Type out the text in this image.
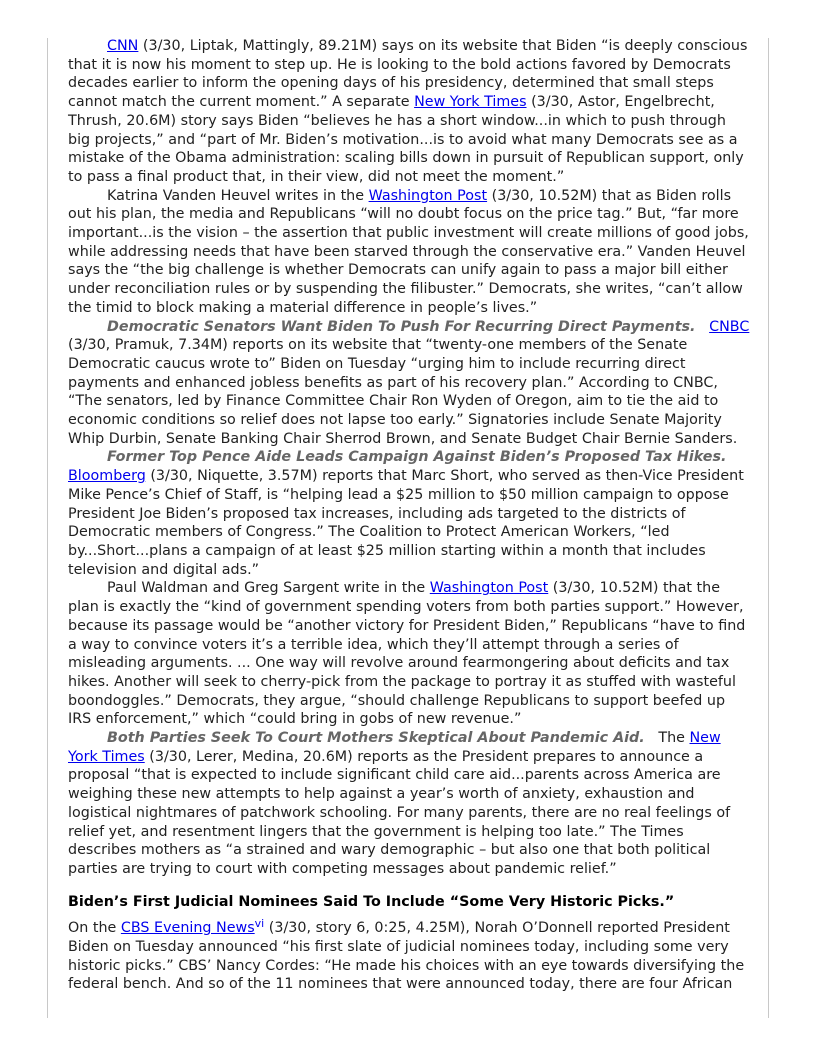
CNN (3/30, Liptak, Mattingly, 89.21M) says on its website that Biden “is deeply conscious that it is now his moment to step up. He is looking to the bold actions favored by Democrats decades earlier to inform the opening days of his presidency, determined that small steps cannot match the current moment.” A separate New York Times (3/30, Astor, Engelbrecht, Thrush, 20.6M) story says Biden “believes he has a short window...in which to push through big projects,” and “part of Mr. Biden’s motivation...is to avoid what many Democrats see as a mistake of the Obama administration: scaling bills down in pursuit of Republican support, only to pass a final product that, in their view, did not meet the moment.”

Katrina Vanden Heuvel writes in the Washington Post (3/30, 10.52M) that as Biden rolls out his plan, the media and Republicans “will no doubt focus on the price tag.” But, “far more important...is the vision – the assertion that public investment will create millions of good jobs, while addressing needs that have been starved through the conservative era.” Vanden Heuvel says the “the big challenge is whether Democrats can unify again to pass a major bill either under reconciliation rules or by suspending the filibuster.” Democrats, she writes, “can’t allow the timid to block making a material difference in people’s lives.”

Democratic Senators Want Biden To Push For Recurring Direct Payments. CNBC (3/30, Pramuk, 7.34M) reports on its website that “twenty-one members of the Senate Democratic caucus wrote to” Biden on Tuesday “urging him to include recurring direct payments and enhanced jobless benefits as part of his recovery plan.” According to CNBC, “The senators, led by Finance Committee Chair Ron Wyden of Oregon, aim to tie the aid to economic conditions so relief does not lapse too early.” Signatories include Senate Majority Whip Durbin, Senate Banking Chair Sherrod Brown, and Senate Budget Chair Bernie Sanders.

Former Top Pence Aide Leads Campaign Against Biden’s Proposed Tax Hikes. Bloomberg (3/30, Niquette, 3.57M) reports that Marc Short, who served as then-Vice President Mike Pence’s Chief of Staff, is “helping lead a $25 million to $50 million campaign to oppose President Joe Biden’s proposed tax increases, including ads targeted to the districts of Democratic members of Congress.” The Coalition to Protect American Workers, “led by...Short...plans a campaign of at least $25 million starting within a month that includes television and digital ads.”

Paul Waldman and Greg Sargent write in the Washington Post (3/30, 10.52M) that the plan is exactly the “kind of government spending voters from both parties support.” However, because its passage would be “another victory for President Biden,” Republicans “have to find a way to convince voters it’s a terrible idea, which they’ll attempt through a series of misleading arguments. ... One way will revolve around fearmongering about deficits and tax hikes. Another will seek to cherry-pick from the package to portray it as stuffed with wasteful boondoggles.” Democrats, they argue, “should challenge Republicans to support beefed up IRS enforcement,” which “could bring in gobs of new revenue.”

Both Parties Seek To Court Mothers Skeptical About Pandemic Aid. The New York Times (3/30, Lerer, Medina, 20.6M) reports as the President prepares to announce a proposal “that is expected to include significant child care aid...parents across America are weighing these new attempts to help against a year’s worth of anxiety, exhaustion and logistical nightmares of patchwork schooling. For many parents, there are no real feelings of relief yet, and resentment lingers that the government is helping too late.” The Times describes mothers as “a strained and wary demographic – but also one that both political parties are trying to court with competing messages about pandemic relief.”

Biden’s First Judicial Nominees Said To Include “Some Very Historic Picks.”

On the CBS Evening News$^{vi}$ (3/30, story 6, 0:25, 4.25M), Norah O’Donnell reported President Biden on Tuesday announced “his first slate of judicial nominees today, including some very historic picks.” CBS’ Nancy Cordes: “He made his choices with an eye towards diversifying the federal bench. And so of the 11 nominees that were announced today, there are four African
